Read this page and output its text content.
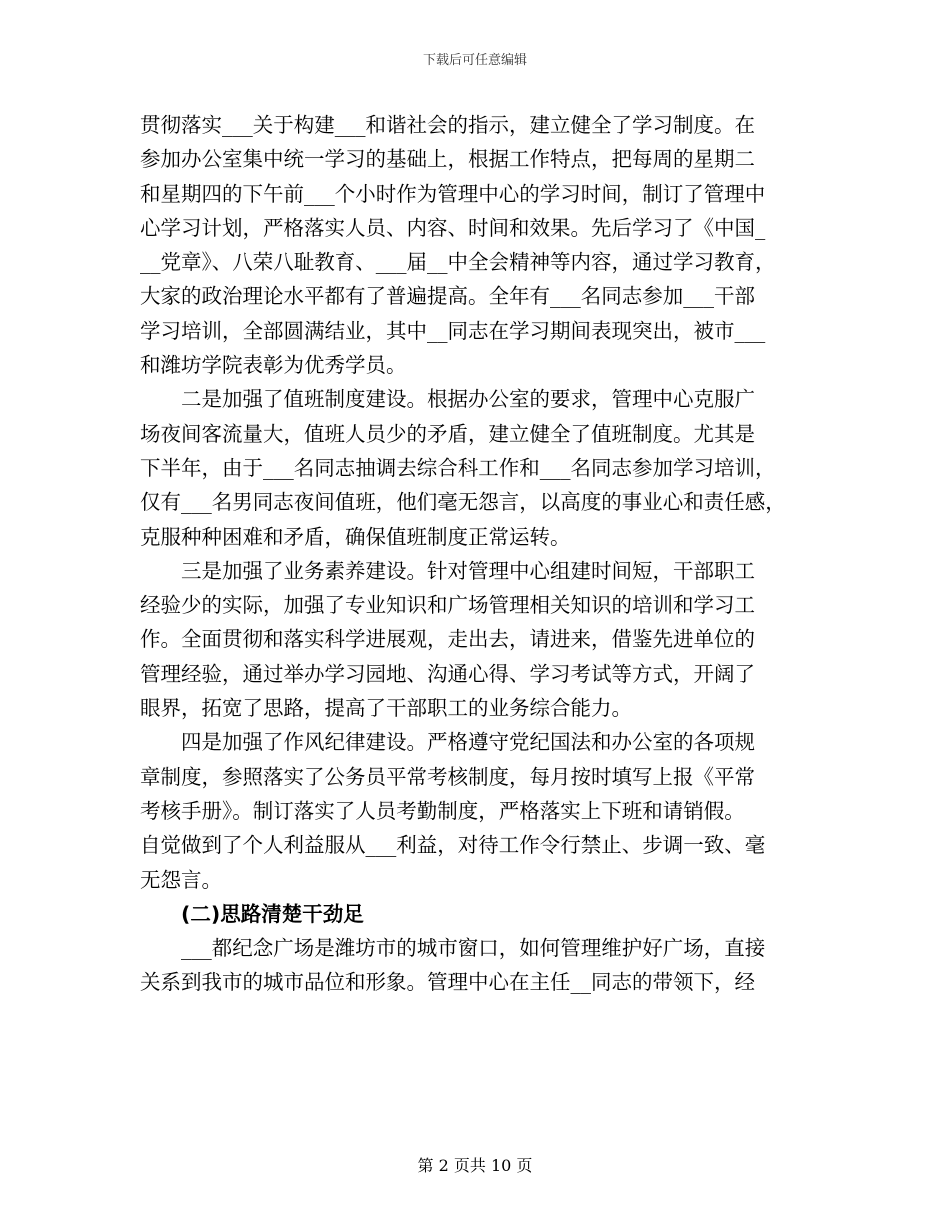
下载后可任意编辑
贯彻落实___关于构建___和谐社会的指示，建立健全了学习制度。在
参加办公室集中统一学习的基础上，根据工作特点，把每周的星期二
和星期四的下午前___个小时作为管理中心的学习时间，制订了管理中
心学习计划，严格落实人员、内容、时间和效果。先后学习了《中国_
__党章》、八荣八耻教育、___届__中全会精神等内容，通过学习教育，
大家的政治理论水平都有了普遍提高。全年有___名同志参加___干部
学习培训，全部圆满结业，其中__同志在学习期间表现突出，被市___
和潍坊学院表彰为优秀学员。
二是加强了值班制度建设。根据办公室的要求，管理中心克服广
场夜间客流量大，值班人员少的矛盾，建立健全了值班制度。尤其是
下半年，由于___名同志抽调去综合科工作和___名同志参加学习培训，
仅有___名男同志夜间值班，他们毫无怨言，以高度的事业心和责任感，
克服种种困难和矛盾，确保值班制度正常运转。
三是加强了业务素养建设。针对管理中心组建时间短，干部职工
经验少的实际，加强了专业知识和广场管理相关知识的培训和学习工
作。全面贯彻和落实科学进展观，走出去，请进来，借鉴先进单位的
管理经验，通过举办学习园地、沟通心得、学习考试等方式，开阔了
眼界，拓宽了思路，提高了干部职工的业务综合能力。
四是加强了作风纪律建设。严格遵守党纪国法和办公室的各项规
章制度，参照落实了公务员平常考核制度，每月按时填写上报《平常
考核手册》。制订落实了人员考勤制度，严格落实上下班和请销假。
自觉做到了个人利益服从___利益，对待工作令行禁止、步调一致、毫
无怨言。
(二)思路清楚干劲足
___都纪念广场是潍坊市的城市窗口，如何管理维护好广场，直接
关系到我市的城市品位和形象。管理中心在主任__同志的带领下，经
第 2 页共 10 页
